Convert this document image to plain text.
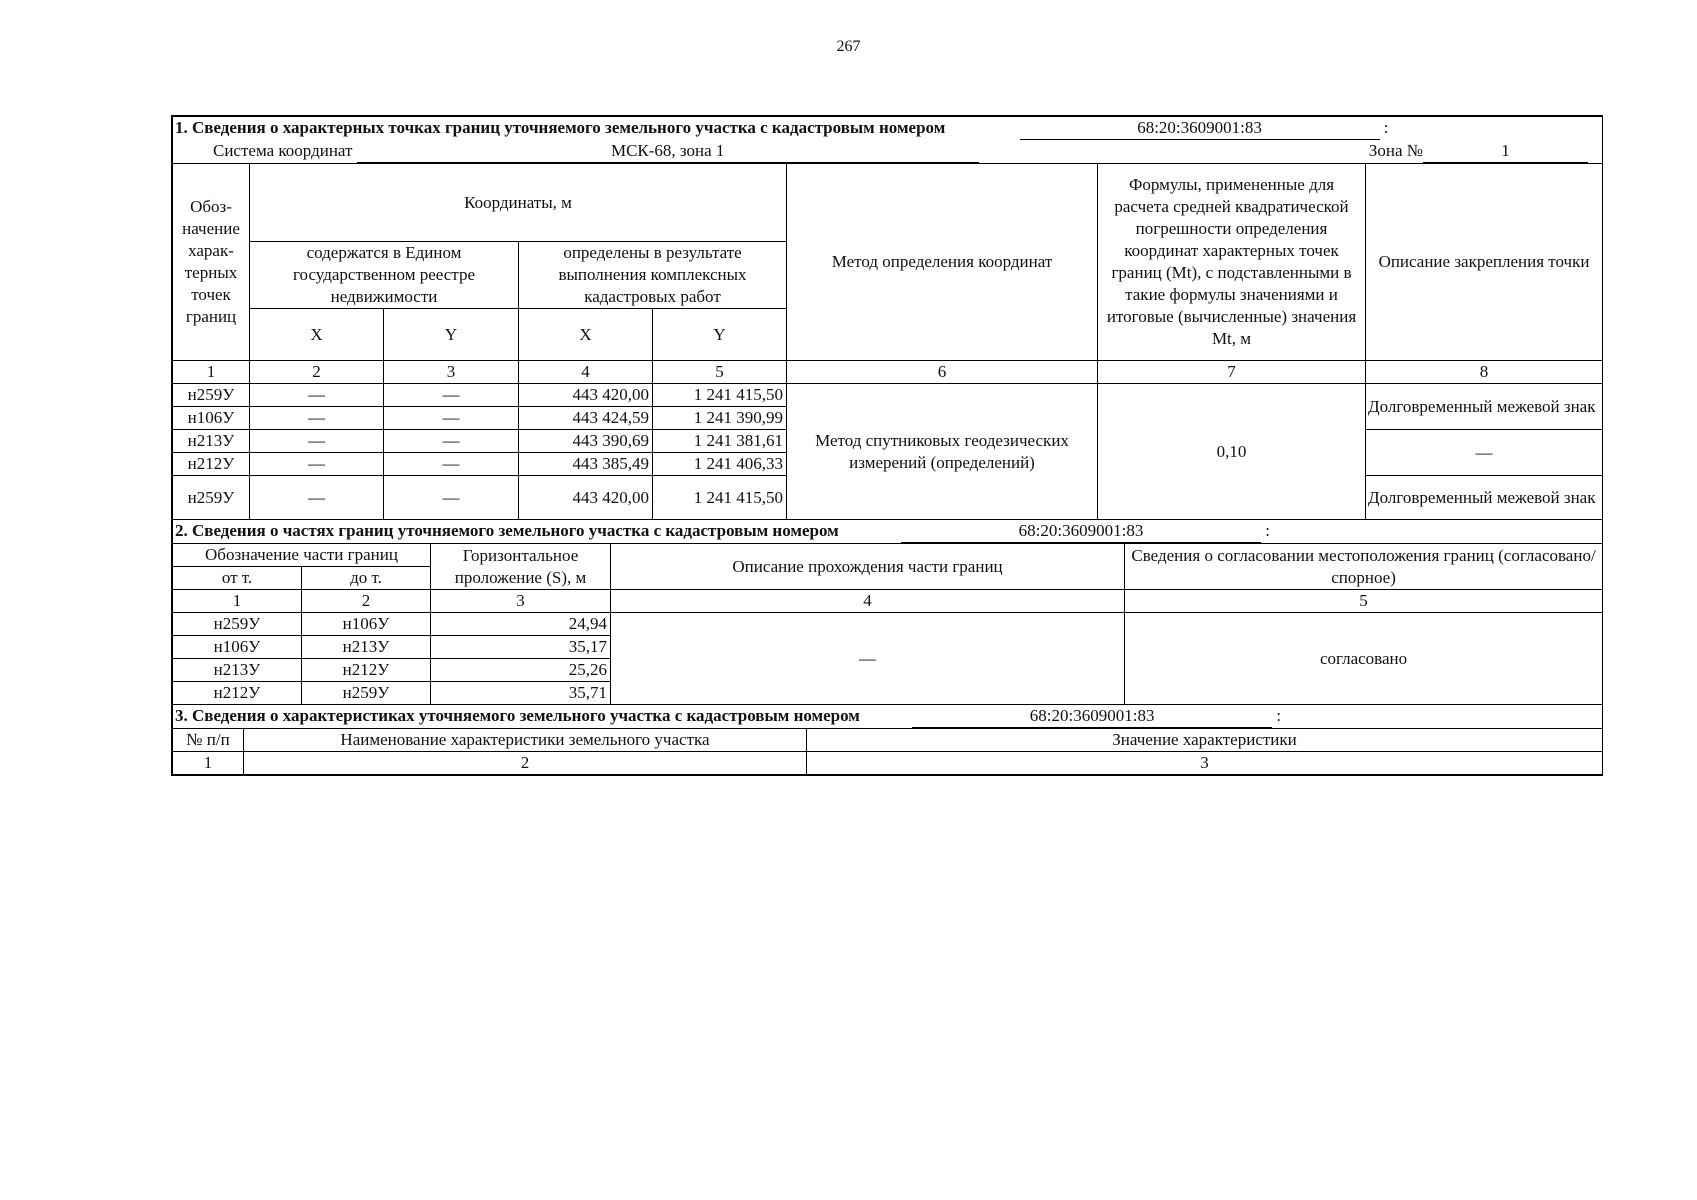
267
1. Сведения о характерных точках границ уточняемого земельного участка с кадастровым номером 68:20:3609001:83 :							
Система координат МСК-68, зона 1 Зона № 1							

Обоз-начение харак-терных точек границ	Координаты, м				Метод определения координат	Формулы, примененные для расчета средней квадратической погрешности определения координат характерных точек границ (Mt), с подставленными в такие формулы значениями и итоговые (вычисленные) значения Mt, м	Описание закрепления точки
	содержатся в Едином государственном реестре недвижимости		определены в результате выполнения комплексных кадастровых работ				
	X	Y	X	Y			
1	2	3	4	5	6	7	8
н259У	—	—	443 420,00	1 241 415,50	Метод спутниковых геодезических измерений (определений)	0,10	Долговременный межевой знак
н106У	—	—	443 424,59	1 241 390,99			
н213У	—	—	443 390,69	1 241 381,61			—
н212У	—	—	443 385,49	1 241 406,33			
н259У	—	—	443 420,00	1 241 415,50			Долговременный межевой знак
2. Сведения о частях границ уточняемого земельного участка с кадастровым номером 68:20:3609001:83 :				
Обозначение части границ		Горизонтальное проложение (S), м	Описание прохождения части границ	Сведения о согласовании местоположения границ (согласовано/спорное)
от т.	до т.			
1	2	3	4	5
н259У	н106У	24,94	—	согласовано
н106У	н213У	35,17		
н213У	н212У	25,26		
н212У	н259У	35,71		
3. Сведения о характеристиках уточняемого земельного участка с кадастровым номером 68:20:3609001:83 :		
№ п/п	Наименование характеристики земельного участка	Значение характеристики
1	2	3
